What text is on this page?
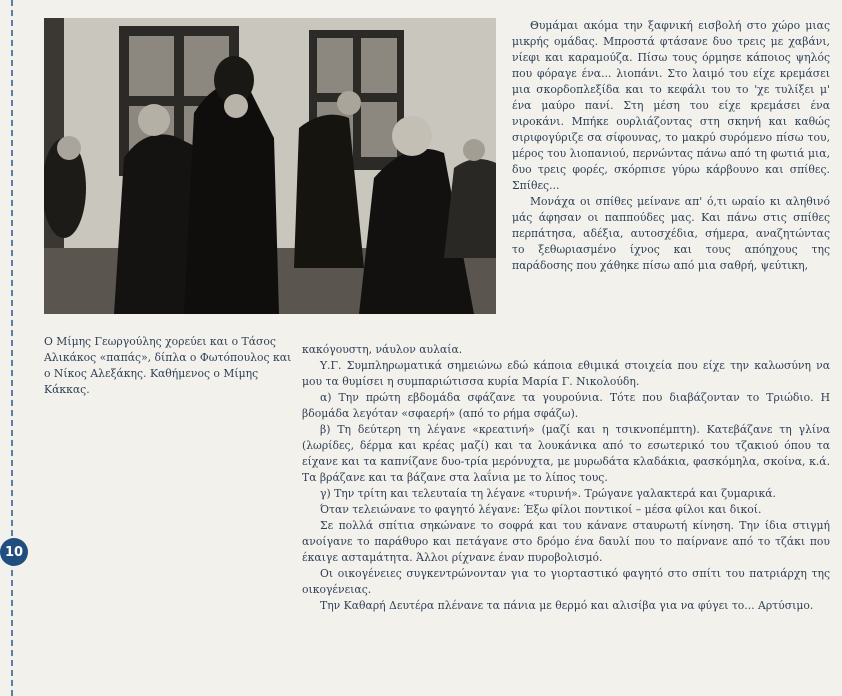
10
Ο Μίμης Γεωργούλης χορεύει και ο Τάσος Αλικάκος «παπάς», δίπλα ο Φωτόπουλος και ο Νίκος Αλεξάκης. Καθήμενος ο Μίμης Κάκκας.

Θυμάμαι ακόμα την ξαφνική εισβολή στο χώρο μιας μικρής ομάδας. Μπροστά φτάσανε δυο τρεις με χαβάνι, νίεφι και καραμούζα. Πίσω τους όρμησε κάποιος ψηλός που φόραγε ένα... λιοπάνι. Στο λαιμό του είχε κρεμάσει μια σκορδοπλεξίδα και το κεφάλι του το 'χε τυλίξει μ' ένα μαύρο πανί. Στη μέση του είχε κρεμάσει ένα νιροκάνι. Μπήκε ουρλιάζοντας στη σκηνή και καθώς σιριφογύριζε σα σίφουνας, το μακρύ συρόμενο πίσω του, μέρος του λιοπανιού, περνώντας πάνω από τη φωτιά μια, δυο τρεις φορές, σκόρπισε γύρω κάρβουνο και σπίθες. Σπίθες...

Μονάχα οι σπίθες μείνανε απ' ό,τι ωραίο κι αληθινό μάς άφησαν οι παππούδες μας. Και πάνω στις σπίθες περπάτησα, αδέξια, αυτοσχέδια, σήμερα, αναζητώντας το ξεθωριασμένο ίχνος και τους απόηχους της παράδοσης που χάθηκε πίσω από μια σαθρή, ψεύτικη,

κακόγουστη, νάυλον αυλαία.

Υ.Γ. Συμπληρωματικά σημειώνω εδώ κάποια εθιμικά στοιχεία που είχε την καλωσύνη να μου τα θυμίσει η συμπαριώτισσα κυρία Μαρία Γ. Νικολούδη.

α) Την πρώτη εβδομάδα σφάζανε τα γουρούνια. Τότε που διαβάζονταν το Τριώδιο. Η βδομάδα λεγόταν «σφαερή» (από το ρήμα σφάζω).

β) Τη δεύτερη τη λέγανε «κρεατινή» (μαζί και η τσικνοπέμπτη). Κατεβάζανε τη γλίνα (λωρίδες, δέρμα και κρέας μαζί) και τα λουκάνικα από το εσωτερικό του τζακιού όπου τα είχανε και τα καπνίζανε δυο-τρία μερόνυχτα, με μυρωδάτα κλαδάκια, φασκόμηλα, σκοίνα, κ.ά. Τα βράζανε και τα βάζανε στα λαΐνια με το λίπος τους.

γ) Την τρίτη και τελευταία τη λέγανε «τυρινή». Τρώγανε γαλακτερά και ζυμαρικά.

Όταν τελειώνανε το φαγητό λέγανε: Έξω φίλοι ποντικοί – μέσα φίλοι και δικοί.

Σε πολλά σπίτια σηκώνανε το σοφρά και του κάνανε σταυρωτή κίνηση. Την ίδια στιγμή ανοίγανε το παράθυρο και πετάγανε στο δρόμο ένα δαυλί που το παίρνανε από το τζάκι που έκαιγε ασταμάτητα. Άλλοι ρίχνανε έναν πυροβολισμό.

Οι οικογένειες συγκεντρώνονταν για το γιορταστικό φαγητό στο σπίτι του πατριάρχη της οικογένειας.

Την Καθαρή Δευτέρα πλένανε τα πάνια με θερμό και αλισίβα για να φύγει το... Αρτύσιμο.
